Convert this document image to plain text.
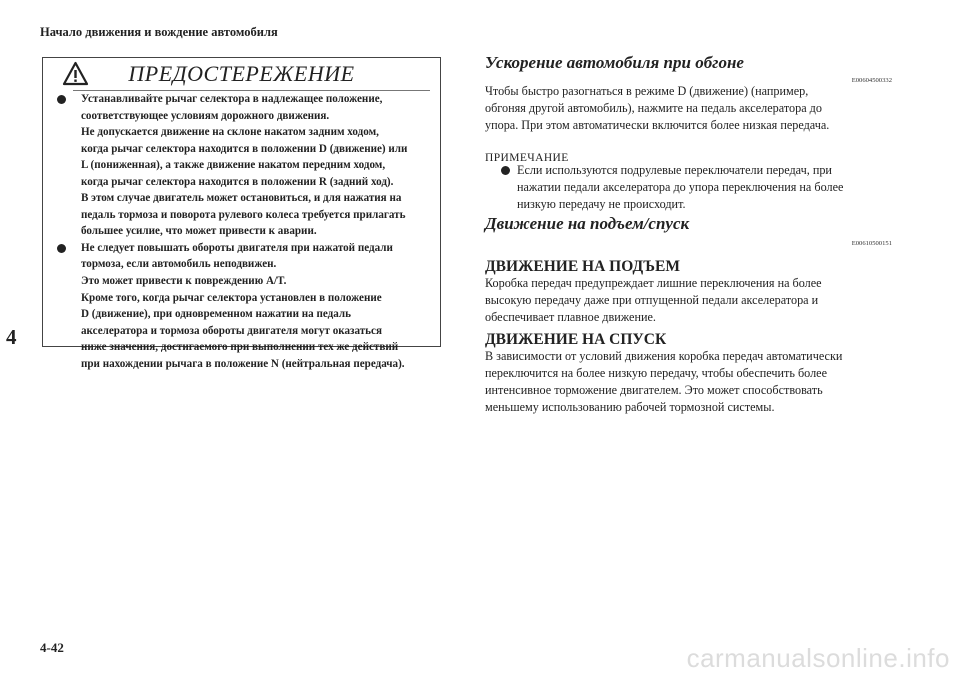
Начало движения и вождение автомобиля
4
ПРЕДОСТЕРЕЖЕНИЕ
Устанавливайте рычаг селектора в надлежащее положение,
соответствующее условиям дорожного движения.
Не допускается движение на склоне накатом задним ходом,
когда рычаг селектора находится в положении D (движение) или
L (пониженная), а также движение накатом передним ходом,
когда рычаг селектора находится в положении R (задний ход).
В этом случае двигатель может остановиться, и для нажатия на
педаль тормоза и поворота рулевого колеса требуется прилагать
большее усилие, что может привести к аварии.
Не следует повышать обороты двигателя при нажатой педали
тормоза, если автомобиль неподвижен.
Это может привести к повреждению A/T.
Кроме того, когда рычаг селектора установлен в положение
D (движение), при одновременном нажатии на педаль
акселератора и тормоза обороты двигателя могут оказаться
ниже значения, достигаемого при выполнении тех же действий
при нахождении рычага в положение N (нейтральная передача).
Ускорение автомобиля при обгоне
E00604500332
Чтобы быстро разогнаться в режиме D (движение) (например,
обгоняя другой автомобиль), нажмите на педаль акселератора до
упора. При этом автоматически включится более низкая передача.
ПРИМЕЧАНИЕ
Если используются подрулевые переключатели передач, при
нажатии педали акселератора до упора переключения на более
низкую передачу не происходит.
Движение на подъем/спуск
E00610500151
ДВИЖЕНИЕ НА ПОДЪЕМ
Коробка передач предупреждает лишние переключения на более
высокую передачу даже при отпущенной педали акселератора и
обеспечивает плавное движение.
ДВИЖЕНИЕ НА СПУСК
В зависимости от условий движения коробка передач автоматически
переключится на более низкую передачу, чтобы обеспечить более
интенсивное торможение двигателем. Это может способствовать
меньшему использованию рабочей тормозной системы.
4-42	carmanualsonline.info
